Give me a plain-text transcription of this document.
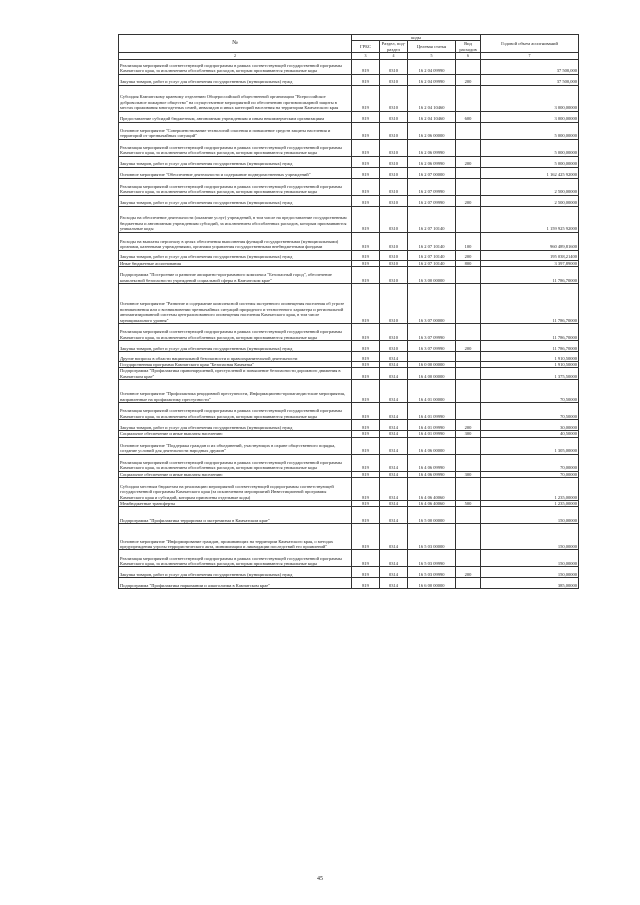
№	коды				Годовой объем ассигнований
	ГРБС	Раздел, под-раздел	Целевая статья	Вид расходов	
2	3	4	5	6	7
Реализация мероприятий соответствующей подпрограммы в рамках соответствующей государственной программы Камчатского края, за исключением обособленных расходов, которым присваиваются уникальные коды	819	0310	16 2 04 09990		37 500,000
Закупка товаров, работ и услуг для обеспечения государственных (муниципальных) нужд	819	0310	16 2 04 09990	200	37 500,000
Субсидия Камчатскому краевому отделению Общероссийской общественной организации "Всероссийское добровольное пожарное общество" на осуществление мероприятий по обеспечению противопожарной защиты в местах проживания многодетных семей, инвалидов и иных категорий населения на территории Камчатского края	819	0310	16 2 04 10460		3 000,00000
Предоставление субсидий бюджетным, автономным учреждениям и иным некоммерческим организациям	819	0310	16 2 04 10460	600	3 000,00000
Основное мероприятие "Совершенствование технологий спасения и повышение средств защиты населения и территорий от чрезвычайных ситуаций"	819	0310	16 2 06 00000		5 000,00000
Реализация мероприятий соответствующей подпрограммы в рамках соответствующей государственной программы Камчатского края, за исключением обособленных расходов, которым присваиваются уникальные коды	819	0310	16 2 06 09990		5 000,00000
Закупка товаров, работ и услуг для обеспечения государственных (муниципальных) нужд	819	0310	16 2 06 09990	200	5 000,00000
Основное мероприятие "Обеспечение деятельности и содержание подведомственных учреждений"	819	0310	16 2 07 00000		1 162 425 92000
Реализация мероприятий соответствующей подпрограммы в рамках соответствующей государственной программы Камчатского края, за исключением обособленных расходов, которым присваиваются уникальные коды	819	0310	16 2 07 09990		2 500,00000
Закупка товаров, работ и услуг для обеспечения государственных (муниципальных) нужд	819	0310	16 2 07 09990	200	2 500,00000
Расходы на обеспечение деятельности (оказание услуг) учреждений, в том числе на предоставление государственным бюджетным и автономным учреждениям субсидий, за исключением обособленных расходов, которым присваиваются уникальные коды	819	0310	16 2 07 10140		1 159 925 92000
Расходы на выплаты персоналу в целях обеспечения выполнения функций государственными (муниципальными) органами, казенными учреждениями, органами управления государственными внебюджетными фондами	819	0310	16 2 07 10140	100	960 489,81600
Закупка товаров, работ и услуг для обеспечения государственных (муниципальных) нужд	819	0310	16 2 07 10140	200	195 038,21400
Иные бюджетные ассигнования	819	0310	16 2 07 10140	800	3 397,89000
Подпрограмма "Построение и развитие аппаратно-программного комплекса "Безопасный город", обеспечение комплексной безопасности учреждений социальной сферы в Камчатском крае"	819	0310	16 3 00 00000		11 786,70000
Основное мероприятие "Развитие и содержание комплексной системы экстренного оповещения населения об угрозе возникновения или о возникновении чрезвычайных ситуаций природного и техногенного характера и региональной автоматизированной системы централизованного оповещения населения Камчатского края, в том числе муниципального уровня"	819	0310	16 3 07 00000		11 786,70000
Реализация мероприятий соответствующей подпрограммы в рамках соответствующей государственной программы Камчатского края, за исключением обособленных расходов, которым присваиваются уникальные коды	819	0310	16 3 07 09990		11 786,70000
Закупка товаров, работ и услуг для обеспечения государственных (муниципальных) нужд	819	0310	16 3 07 09990	200	11 786,70000
Другие вопросы в области национальной безопасности и правоохранительной деятельности	819	0314			1 910,50000
Государственная программа Камчатского края "Безопасная Камчатка"	819	0314	16 0 00 00000		1 910,50000
Подпрограмма "Профилактика правонарушений, преступлений и повышение безопасности дорожного движения в Камчатском крае"	819	0314	16 4 00 00000		1 375,50000
Основное мероприятие "Профилактика рецидивной преступности, Информационно-пропагандистские мероприятия, направленные на профилактику преступности"	819	0314	16 4 01 00000		70,50000
Реализация мероприятий соответствующей подпрограммы в рамках соответствующей государственной программы Камчатского края, за исключением обособленных расходов, которым присваиваются уникальные коды	819	0314	16 4 01 09990		70,50000
Закупка товаров, работ и услуг для обеспечения государственных (муниципальных) нужд	819	0314	16 4 01 09990	200	30,00000
Социальное обеспечение и иные выплаты населению	819	0314	16 4 01 09990	300	40,50000
Основное мероприятие "Поддержка граждан и их объединений, участвующих в охране общественного порядка, создание условий для деятельности народных дружин"	819	0314	16 4 06 00000		1 305,00000
Реализация мероприятий соответствующей подпрограммы в рамках соответствующей государственной программы Камчатского края, за исключением обособленных расходов, которым присваиваются уникальные коды	819	0314	16 4 06 09990		70,00000
Социальное обеспечение и иные выплаты населению	819	0314	16 4 06 09990	300	70,00000
Субсидии местным бюджетам на реализацию мероприятий соответствующей подпрограммы соответствующей государственной программы Камчатского края (за исключением мероприятий Инвестиционной программы Камчатского края и субсидий, которым присвоены отдельные коды)	819	0314	16 4 06 40060		1 235,00000
Межбюджетные трансферты	819	0314	16 4 06 40060	500	1 235,00000
Подпрограмма "Профилактика терроризма и экстремизма в Камчатском крае"	819	0314	16 5 00 00000		150,00000
Основное мероприятие "Информирование граждан, проживающих на территории Камчатского края, о методах предупреждения угрозы террористического акта, минимизации и ликвидации последствий его проявлений"	819	0314	16 5 03 00000		150,00000
Реализация мероприятий соответствующей подпрограммы в рамках соответствующей государственной программы Камчатского края, за исключением обособленных расходов, которым присваиваются уникальные коды	819	0314	16 5 03 09990		150,00000
Закупка товаров, работ и услуг для обеспечения государственных (муниципальных) нужд	819	0314	16 5 03 09990	200	150,00000
Подпрограмма "Профилактика наркомании и алкоголизма в Камчатском крае"	819	0314	16 6 00 00000		385,00000
45
